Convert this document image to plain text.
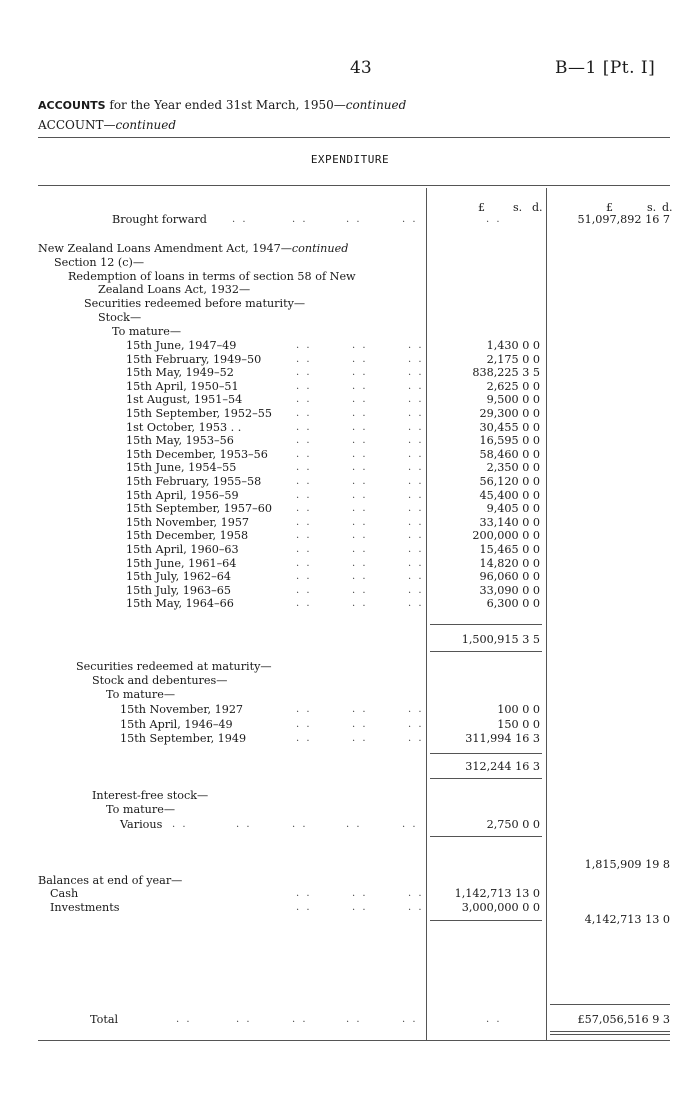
43	B—1 [Pt. I]
ACCOUNTS for the Year ended 31st March, 1950—continued
ACCOUNT—continued
EXPENDITURE
£	s. d.	£	s. d.
Brought forward	. .	. .	. .	. .	. .	51,097,892 16 7
New Zealand Loans Amendment Act, 1947—continued
Section 12 (c)—
Redemption of loans in terms of section 58 of New
Zealand Loans Act, 1932—
Securities redeemed before maturity—
Stock—
To mature—
15th June, 1947–49	. .	. .	. .	1,430 0 0
15th February, 1949–50	. .	. .	. .	2,175 0 0
15th May, 1949–52	. .	. .	. .	838,225 3 5
15th April, 1950–51	. .	. .	. .	2,625 0 0
1st August, 1951–54	. .	. .	. .	9,500 0 0
15th September, 1952–55 . .	. .	. .	29,300 0 0
1st October, 1953 . .	. .	. .	. .	30,455 0 0
15th May, 1953–56	. .	. .	. .	16,595 0 0
15th December, 1953–56	. .	. .	. .	58,460 0 0
15th June, 1954–55	. .	. .	. .	2,350 0 0
15th February, 1955–58	. .	. .	. .	56,120 0 0
15th April, 1956–59	. .	. .	. .	45,400 0 0
15th September, 1957–60 . .	. .	. .	9,405 0 0
15th November, 1957	. .	. .	. .	33,140 0 0
15th December, 1958	. .	. .	. .	200,000 0 0
15th April, 1960–63	. .	. .	. .	15,465 0 0
15th June, 1961–64	. .	. .	. .	14,820 0 0
15th July, 1962–64	. .	. .	. .	96,060 0 0
15th July, 1963–65	. .	. .	. .	33,090 0 0
15th May, 1964–66	. .	. .	. .	6,300 0 0
1,500,915 3 5
Securities redeemed at maturity—
Stock and debentures—
To mature—
15th November, 1927	. .	. .	. .	100 0 0
15th April, 1946–49	. .	. .	. .	150 0 0
15th September, 1949	. .	. .	. .	311,994 16 3
312,244 16 3
Interest-free stock—
To mature—
Various . .	. .	. .	. .	. .	2,750 0 0
1,815,909 19 8
Balances at end of year—
Cash	. .	. .	. .	1,142,713 13 0
Investments	. .	. .	. .	3,000,000 0 0
4,142,713 13 0
Total	. .	. .	. .	. .	. .	. .	£57,056,516 9 3
